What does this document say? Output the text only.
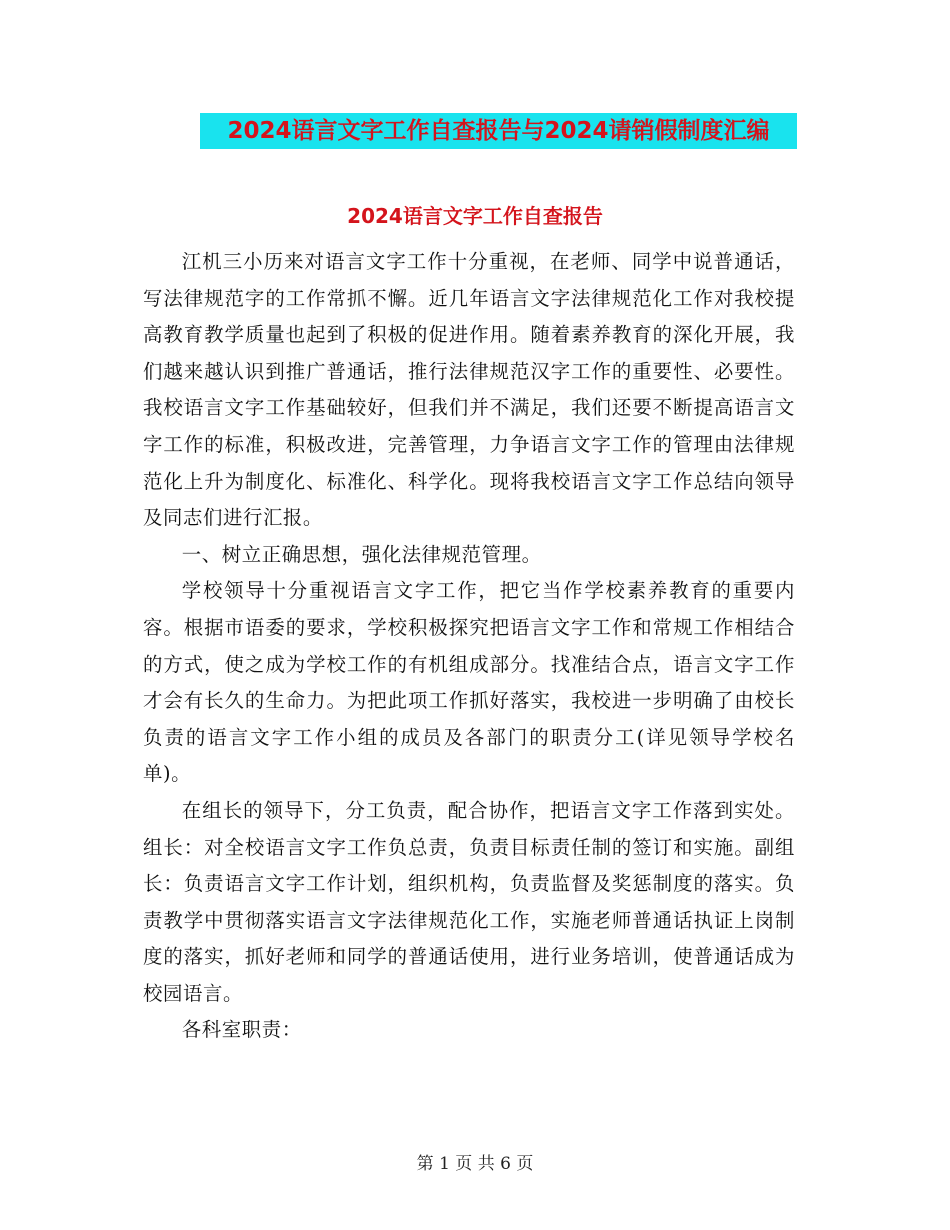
2024语言文字工作自查报告与2024请销假制度汇编
2024语言文字工作自查报告

江机三小历来对语言文字工作十分重视，在老师、同学中说普通话，写法律规范字的工作常抓不懈。近几年语言文字法律规范化工作对我校提高教育教学质量也起到了积极的促进作用。随着素养教育的深化开展，我们越来越认识到推广普通话，推行法律规范汉字工作的重要性、必要性。我校语言文字工作基础较好，但我们并不满足，我们还要不断提高语言文字工作的标准，积极改进，完善管理，力争语言文字工作的管理由法律规范化上升为制度化、标准化、科学化。现将我校语言文字工作总结向领导及同志们进行汇报。

一、树立正确思想，强化法律规范管理。

学校领导十分重视语言文字工作，把它当作学校素养教育的重要内容。根据市语委的要求，学校积极探究把语言文字工作和常规工作相结合的方式，使之成为学校工作的有机组成部分。找准结合点，语言文字工作才会有长久的生命力。为把此项工作抓好落实，我校进一步明确了由校长负责的语言文字工作小组的成员及各部门的职责分工(详见领导学校名单)。

在组长的领导下，分工负责，配合协作，把语言文字工作落到实处。组长：对全校语言文字工作负总责，负责目标责任制的签订和实施。副组长：负责语言文字工作计划，组织机构，负责监督及奖惩制度的落实。负责教学中贯彻落实语言文字法律规范化工作，实施老师普通话执证上岗制度的落实，抓好老师和同学的普通话使用，进行业务培训，使普通话成为校园语言。

各科室职责：

第 1 页 共 6 页
